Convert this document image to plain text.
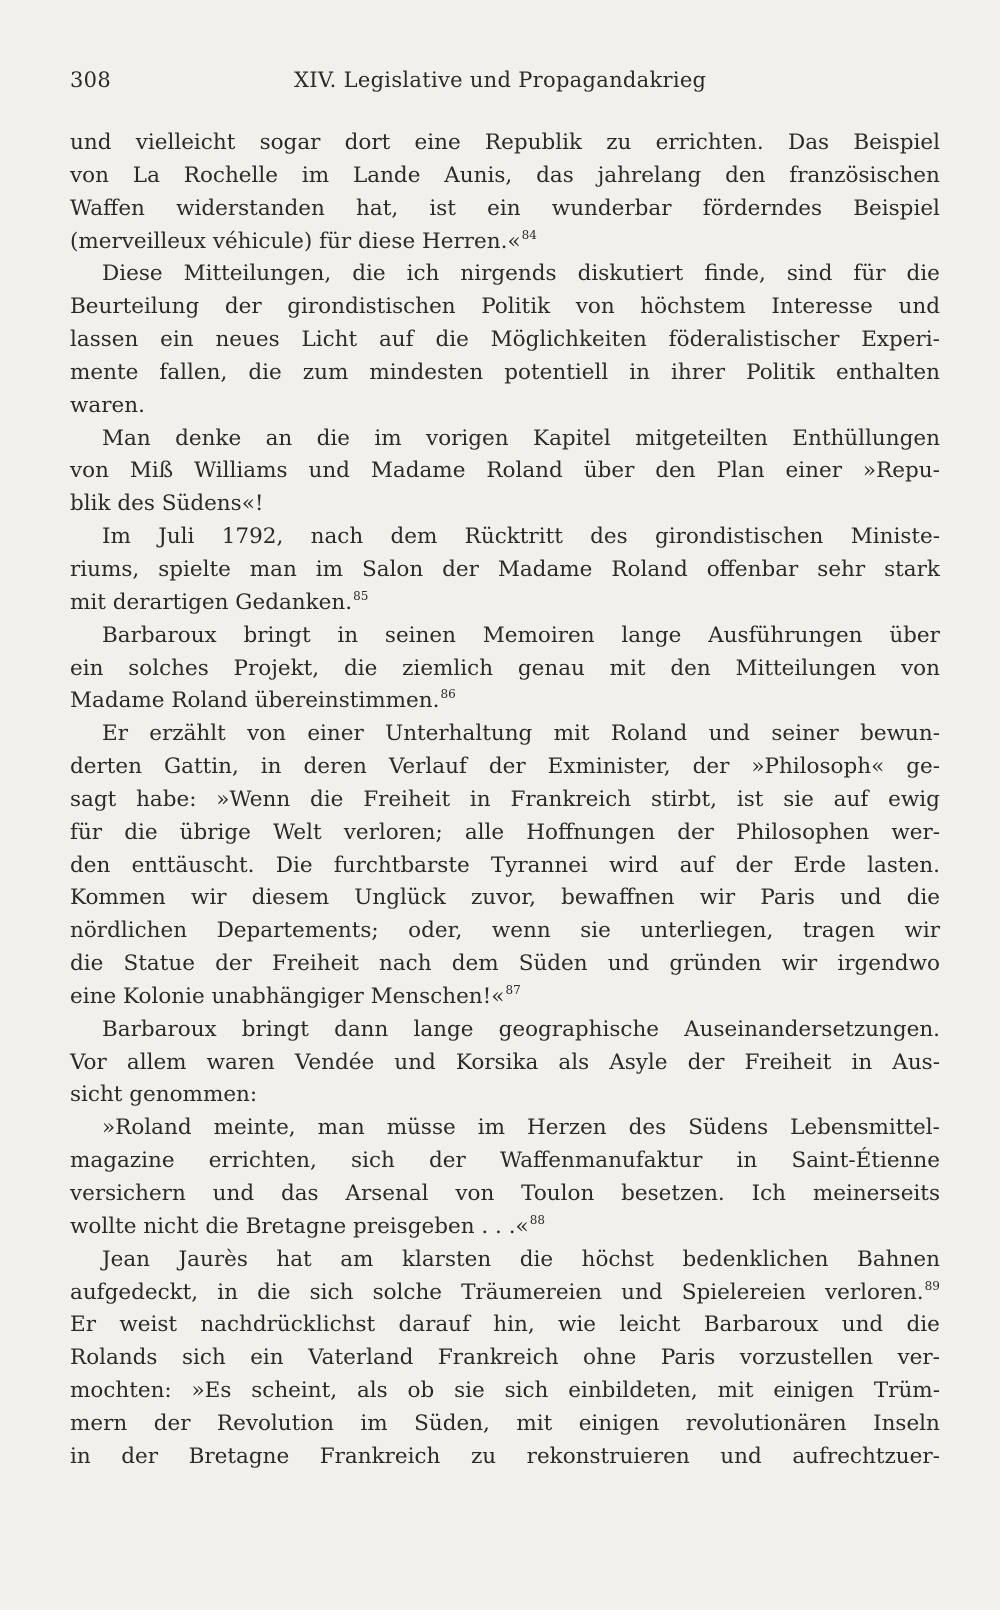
308	XIV. Legislative und Propagandakrieg
und vielleicht sogar dort eine Republik zu errichten. Das Beispiel
von La Rochelle im Lande Aunis, das jahrelang den französischen
Waffen widerstanden hat, ist ein wunderbar förderndes Beispiel
(merveilleux véhicule) für diese Herren.«$^{84}$
Diese Mitteilungen, die ich nirgends diskutiert finde, sind für die
Beurteilung der girondistischen Politik von höchstem Interesse und
lassen ein neues Licht auf die Möglichkeiten föderalistischer Experi-
mente fallen, die zum mindesten potentiell in ihrer Politik enthalten
waren.
Man denke an die im vorigen Kapitel mitgeteilten Enthüllungen
von Miß Williams und Madame Roland über den Plan einer »Repu-
blik des Südens«!
Im Juli 1792, nach dem Rücktritt des girondistischen Ministe-
riums, spielte man im Salon der Madame Roland offenbar sehr stark
mit derartigen Gedanken.$^{85}$
Barbaroux bringt in seinen Memoiren lange Ausführungen über
ein solches Projekt, die ziemlich genau mit den Mitteilungen von
Madame Roland übereinstimmen.$^{86}$
Er erzählt von einer Unterhaltung mit Roland und seiner bewun-
derten Gattin, in deren Verlauf der Exminister, der »Philosoph« ge-
sagt habe: »Wenn die Freiheit in Frankreich stirbt, ist sie auf ewig
für die übrige Welt verloren; alle Hoffnungen der Philosophen wer-
den enttäuscht. Die furchtbarste Tyrannei wird auf der Erde lasten.
Kommen wir diesem Unglück zuvor, bewaffnen wir Paris und die
nördlichen Departements; oder, wenn sie unterliegen, tragen wir
die Statue der Freiheit nach dem Süden und gründen wir irgendwo
eine Kolonie unabhängiger Menschen!«$^{87}$
Barbaroux bringt dann lange geographische Auseinandersetzungen.
Vor allem waren Vendée und Korsika als Asyle der Freiheit in Aus-
sicht genommen:
»Roland meinte, man müsse im Herzen des Südens Lebensmittel-
magazine errichten, sich der Waffenmanufaktur in Saint-Étienne
versichern und das Arsenal von Toulon besetzen. Ich meinerseits
wollte nicht die Bretagne preisgeben . . .«$^{88}$
Jean Jaurès hat am klarsten die höchst bedenklichen Bahnen
aufgedeckt, in die sich solche Träumereien und Spielereien verloren.$^{89}$
Er weist nachdrücklichst darauf hin, wie leicht Barbaroux und die
Rolands sich ein Vaterland Frankreich ohne Paris vorzustellen ver-
mochten: »Es scheint, als ob sie sich einbildeten, mit einigen Trüm-
mern der Revolution im Süden, mit einigen revolutionären Inseln
in der Bretagne Frankreich zu rekonstruieren und aufrechtzuer-
